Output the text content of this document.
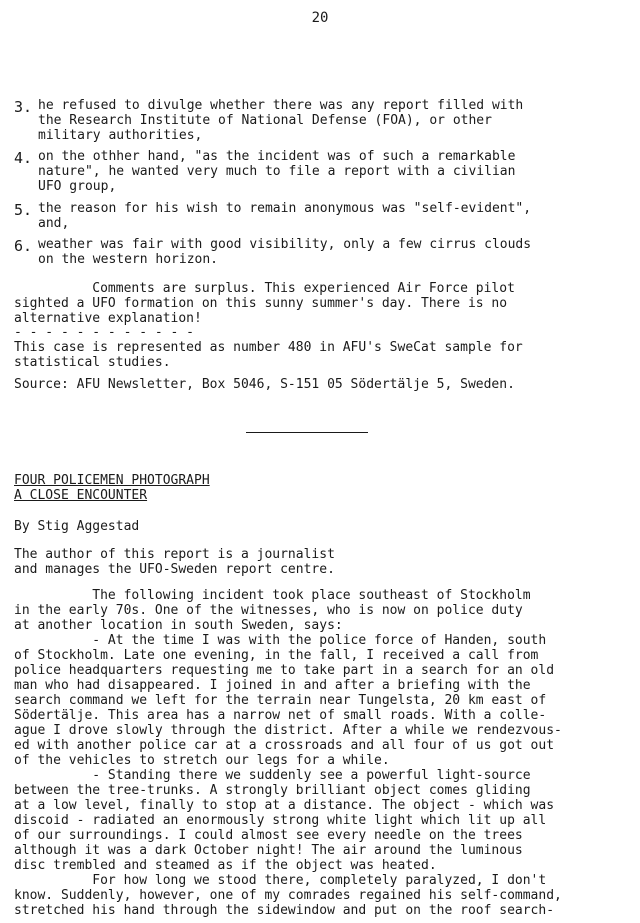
20
3. he refused to divulge whether there was any report filled with
the Research Institute of National Defense (FOA), or other
military authorities,
4. on the othher hand, "as the incident was of such a remarkable
nature", he wanted very much to file a report with a civilian
UFO group,
5. the reason for his wish to remain anonymous was "self-evident",
and,
6. weather was fair with good visibility, only a few cirrus clouds
on the western horizon.
Comments are surplus. This experienced Air Force pilot
sighted a UFO formation on this sunny summer's day. There is no
alternative explanation!
- - - - - - - - - - - -
This case is represented as number 480 in AFU's SweCat sample for
statistical studies.
Source: AFU Newsletter, Box 5046, S-151 05 Södertälje 5, Sweden.
FOUR POLICEMEN PHOTOGRAPH
A CLOSE ENCOUNTER
By Stig Aggestad
The author of this report is a journalist
and manages the UFO-Sweden report centre.
The following incident took place southeast of Stockholm
in the early 70s. One of the witnesses, who is now on police duty
at another location in south Sweden, says:
- At the time I was with the police force of Handen, south
of Stockholm. Late one evening, in the fall, I received a call from
police headquarters requesting me to take part in a search for an old
man who had disappeared. I joined in and after a briefing with the
search command we left for the terrain near Tungelsta, 20 km east of
Södertälje. This area has a narrow net of small roads. With a colle-
ague I drove slowly through the district. After a while we rendezvous-
ed with another police car at a crossroads and all four of us got out
of the vehicles to stretch our legs for a while.
- Standing there we suddenly see a powerful light-source
between the tree-trunks. A strongly brilliant object comes gliding
at a low level, finally to stop at a distance. The object - which was
discoid - radiated an enormously strong white light which lit up all
of our surroundings. I could almost see every needle on the trees
although it was a dark October night! The air around the luminous
disc trembled and steamed as if the object was heated.
For how long we stood there, completely paralyzed, I don't
know. Suddenly, however, one of my comrades regained his self-command,
stretched his hand through the sidewindow and put on the roof search-
